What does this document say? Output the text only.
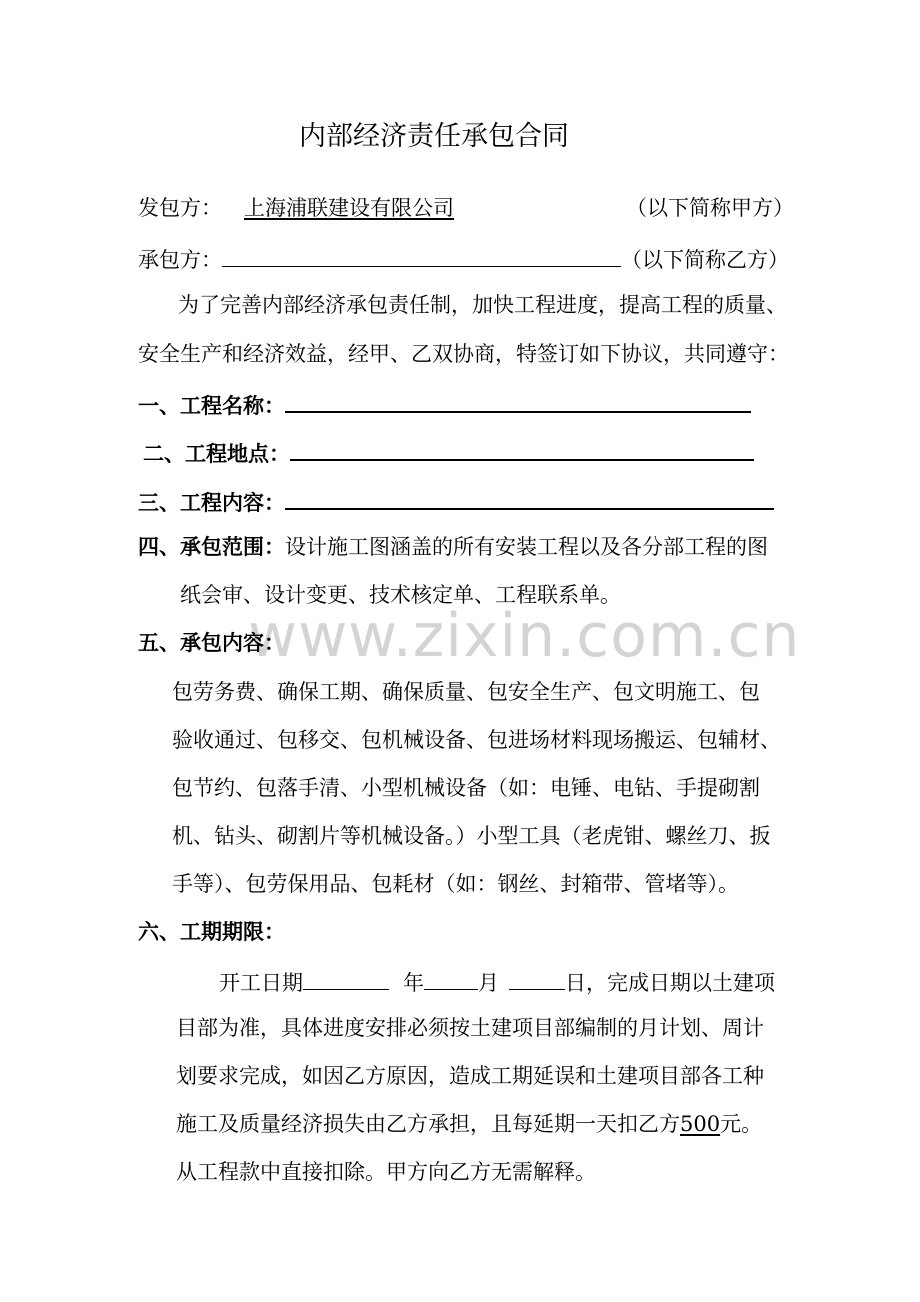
www.zixin.com.cn
内部经济责任承包合同
发包方： 上海浦联建设有限公司	（以下简称甲方）
承包方：	（以下简称乙方）
为了完善内部经济承包责任制，加快工程进度，提高工程的质量、
安全生产和经济效益，经甲、乙双协商，特签订如下协议，共同遵守：
一、工程名称：
二、工程地点：
三、工程内容：
四、承包范围：设计施工图涵盖的所有安装工程以及各分部工程的图
纸会审、设计变更、技术核定单、工程联系单。
五、承包内容：
包劳务费、确保工期、确保质量、包安全生产、包文明施工、包
验收通过、包移交、包机械设备、包进场材料现场搬运、包辅材、
包节约、包落手清、小型机械设备（如：电锤、电钻、手提砌割
机、钻头、砌割片等机械设备。）小型工具（老虎钳、螺丝刀、扳
手等）、包劳保用品、包耗材（如：钢丝、封箱带、管堵等）。
六、工期期限：
开工日期	年	月	日，完成日期以土建项
目部为准，具体进度安排必须按土建项目部编制的月计划、周计
划要求完成，如因乙方原因，造成工期延误和土建项目部各工种
施工及质量经济损失由乙方承担，且每延期一天扣乙方500元。
从工程款中直接扣除。甲方向乙方无需解释。
